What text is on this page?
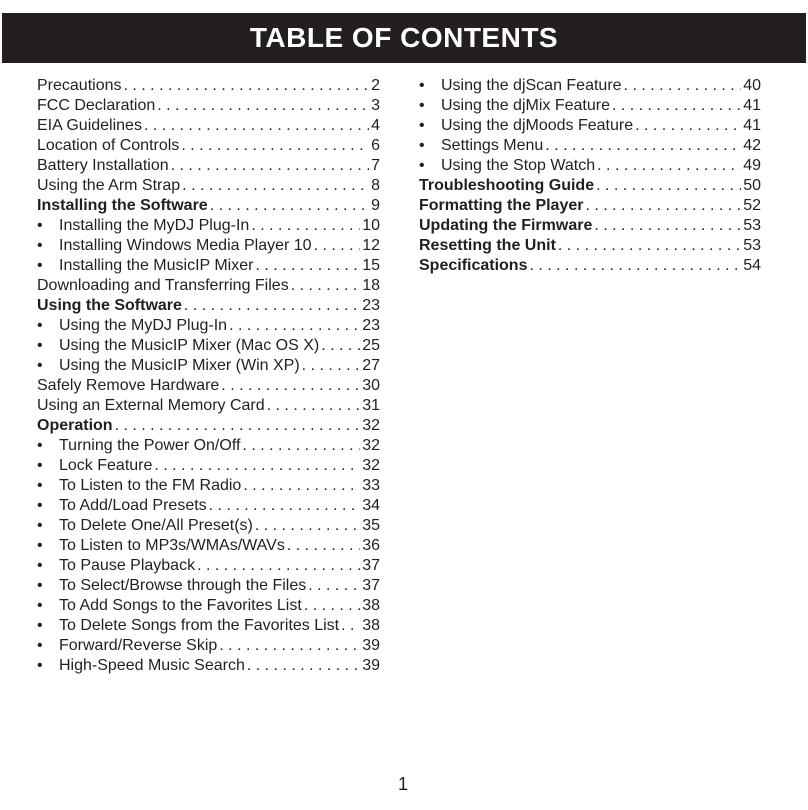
TABLE OF CONTENTS
Precautions . . .	2
FCC Declaration . . .	3
EIA Guidelines . . .	4
Location of Controls . . .	6
Battery Installation . . .	7
Using the Arm Strap . . .	8
Installing the Software . . .	9
• Installing the MyDJ Plug-In . . .	10
• Installing Windows Media Player 10 . . .	12
• Installing the MusicIP Mixer . . .	15
Downloading and Transferring Files . . .	18
Using the Software . . .	23
• Using the MyDJ Plug-In . . .	23
• Using the MusicIP Mixer (Mac OS X) . . .	25
• Using the MusicIP Mixer (Win XP) . . .	27
Safely Remove Hardware . . .	30
Using an External Memory Card . . .	31
Operation . . .	32
• Turning the Power On/Off . . .	32
• Lock Feature . . .	32
• To Listen to the FM Radio . . .	33
• To Add/Load Presets . . .	34
• To Delete One/All Preset(s) . . .	35
• To Listen to MP3s/WMAs/WAVs . . .	36
• To Pause Playback . . .	37
• To Select/Browse through the Files . . .	37
• To Add Songs to the Favorites List . . .	38
• To Delete Songs from the Favorites List . . . 38
• Forward/Reverse Skip . . .	39
• High-Speed Music Search . . .	39
• Using the djScan Feature . . .	40
• Using the djMix Feature . . .	41
• Using the djMoods Feature . . .	41
• Settings Menu . . .	42
• Using the Stop Watch . . .	49
Troubleshooting Guide . . .	50
Formatting the Player . . .	52
Updating the Firmware . . .	53
Resetting the Unit . . .	53
Specifications . . .	54
1
